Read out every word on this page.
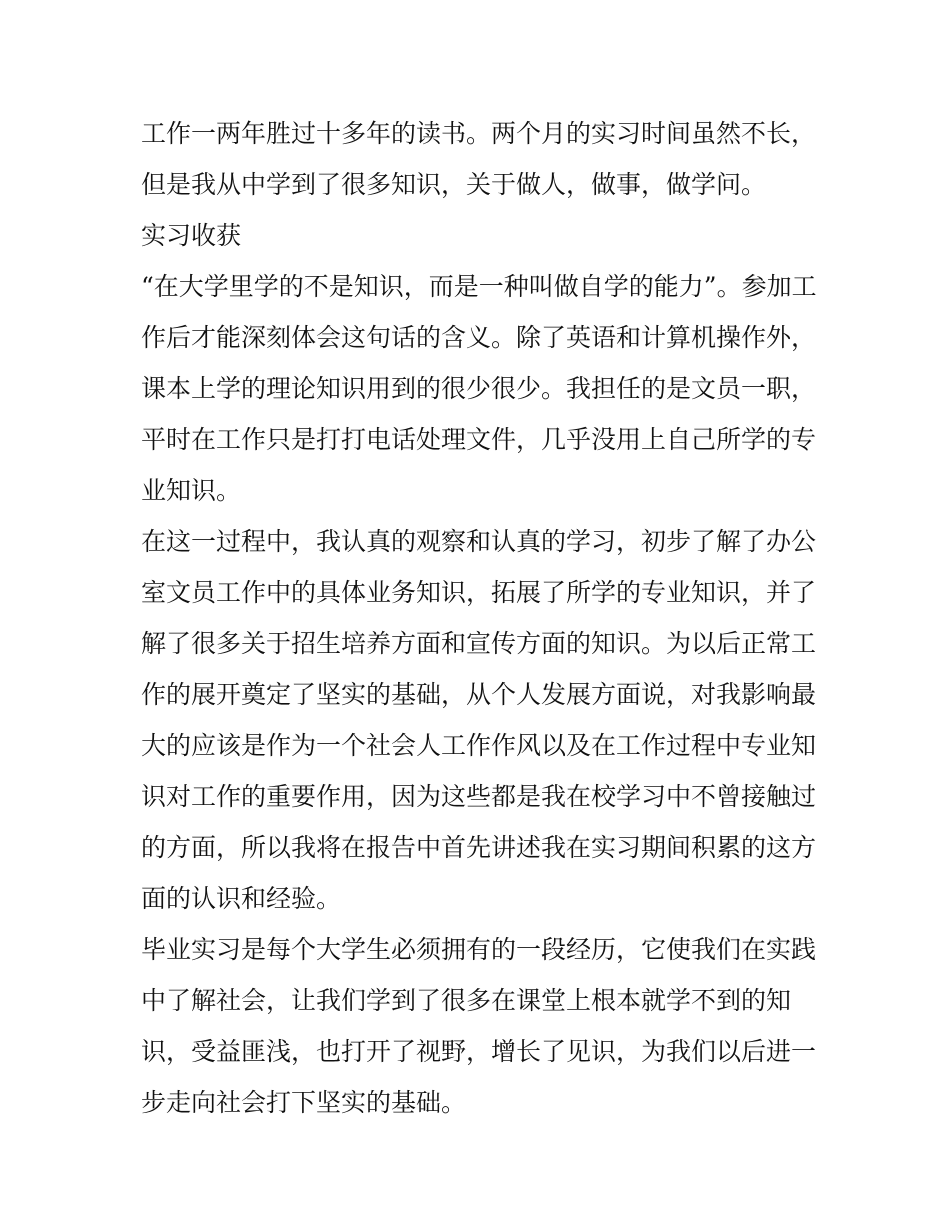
工作一两年胜过十多年的读书。两个月的实习时间虽然不长，
但是我从中学到了很多知识，关于做人，做事，做学问。
实习收获
“在大学里学的不是知识，而是一种叫做自学的能力”。参加工
作后才能深刻体会这句话的含义。除了英语和计算机操作外，
课本上学的理论知识用到的很少很少。我担任的是文员一职，
平时在工作只是打打电话处理文件，几乎没用上自己所学的专
业知识。
在这一过程中，我认真的观察和认真的学习，初步了解了办公
室文员工作中的具体业务知识，拓展了所学的专业知识，并了
解了很多关于招生培养方面和宣传方面的知识。为以后正常工
作的展开奠定了坚实的基础，从个人发展方面说，对我影响最
大的应该是作为一个社会人工作作风以及在工作过程中专业知
识对工作的重要作用，因为这些都是我在校学习中不曾接触过
的方面，所以我将在报告中首先讲述我在实习期间积累的这方
面的认识和经验。
毕业实习是每个大学生必须拥有的一段经历，它使我们在实践
中了解社会，让我们学到了很多在课堂上根本就学不到的知
识，受益匪浅，也打开了视野，增长了见识，为我们以后进一
步走向社会打下坚实的基础。
